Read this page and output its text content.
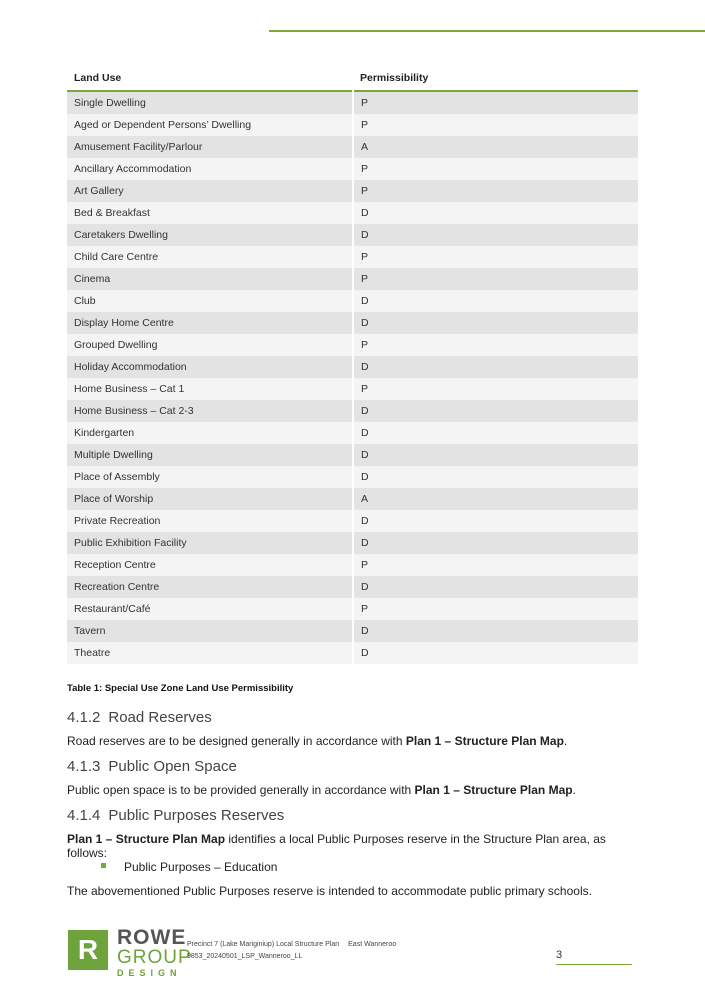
Land Use	Permissibility
Single Dwelling	P
Aged or Dependent Persons’ Dwelling	P
Amusement Facility/Parlour	A
Ancillary Accommodation	P
Art Gallery	P
Bed & Breakfast	D
Caretakers Dwelling	D
Child Care Centre	P
Cinema	P
Club	D
Display Home Centre	D
Grouped Dwelling	P
Holiday Accommodation	D
Home Business – Cat 1	P
Home Business – Cat 2-3	D
Kindergarten	D
Multiple Dwelling	D
Place of Assembly	D
Place of Worship	A
Private Recreation	D
Public Exhibition Facility	D
Reception Centre	P
Recreation Centre	D
Restaurant/Café	P
Tavern	D
Theatre	D
Table 1: Special Use Zone Land Use Permissibility
4.1.2 Road Reserves

Road reserves are to be designed generally in accordance with Plan 1 – Structure Plan Map.

4.1.3 Public Open Space

Public open space is to be provided generally in accordance with Plan 1 – Structure Plan Map.

4.1.4 Public Purposes Reserves

Plan 1 – Structure Plan Map identifies a local Public Purposes reserve in the Structure Plan area, as follows:

Public Purposes – Education

The abovementioned Public Purposes reserve is intended to accommodate public primary schools.

R ROWE
GROUP
DESIGN
Precinct 7 (Lake Mariginiup) Local Structure Plan East Wanneroo
9853_20240501_LSP_Wanneroo_LL	3
